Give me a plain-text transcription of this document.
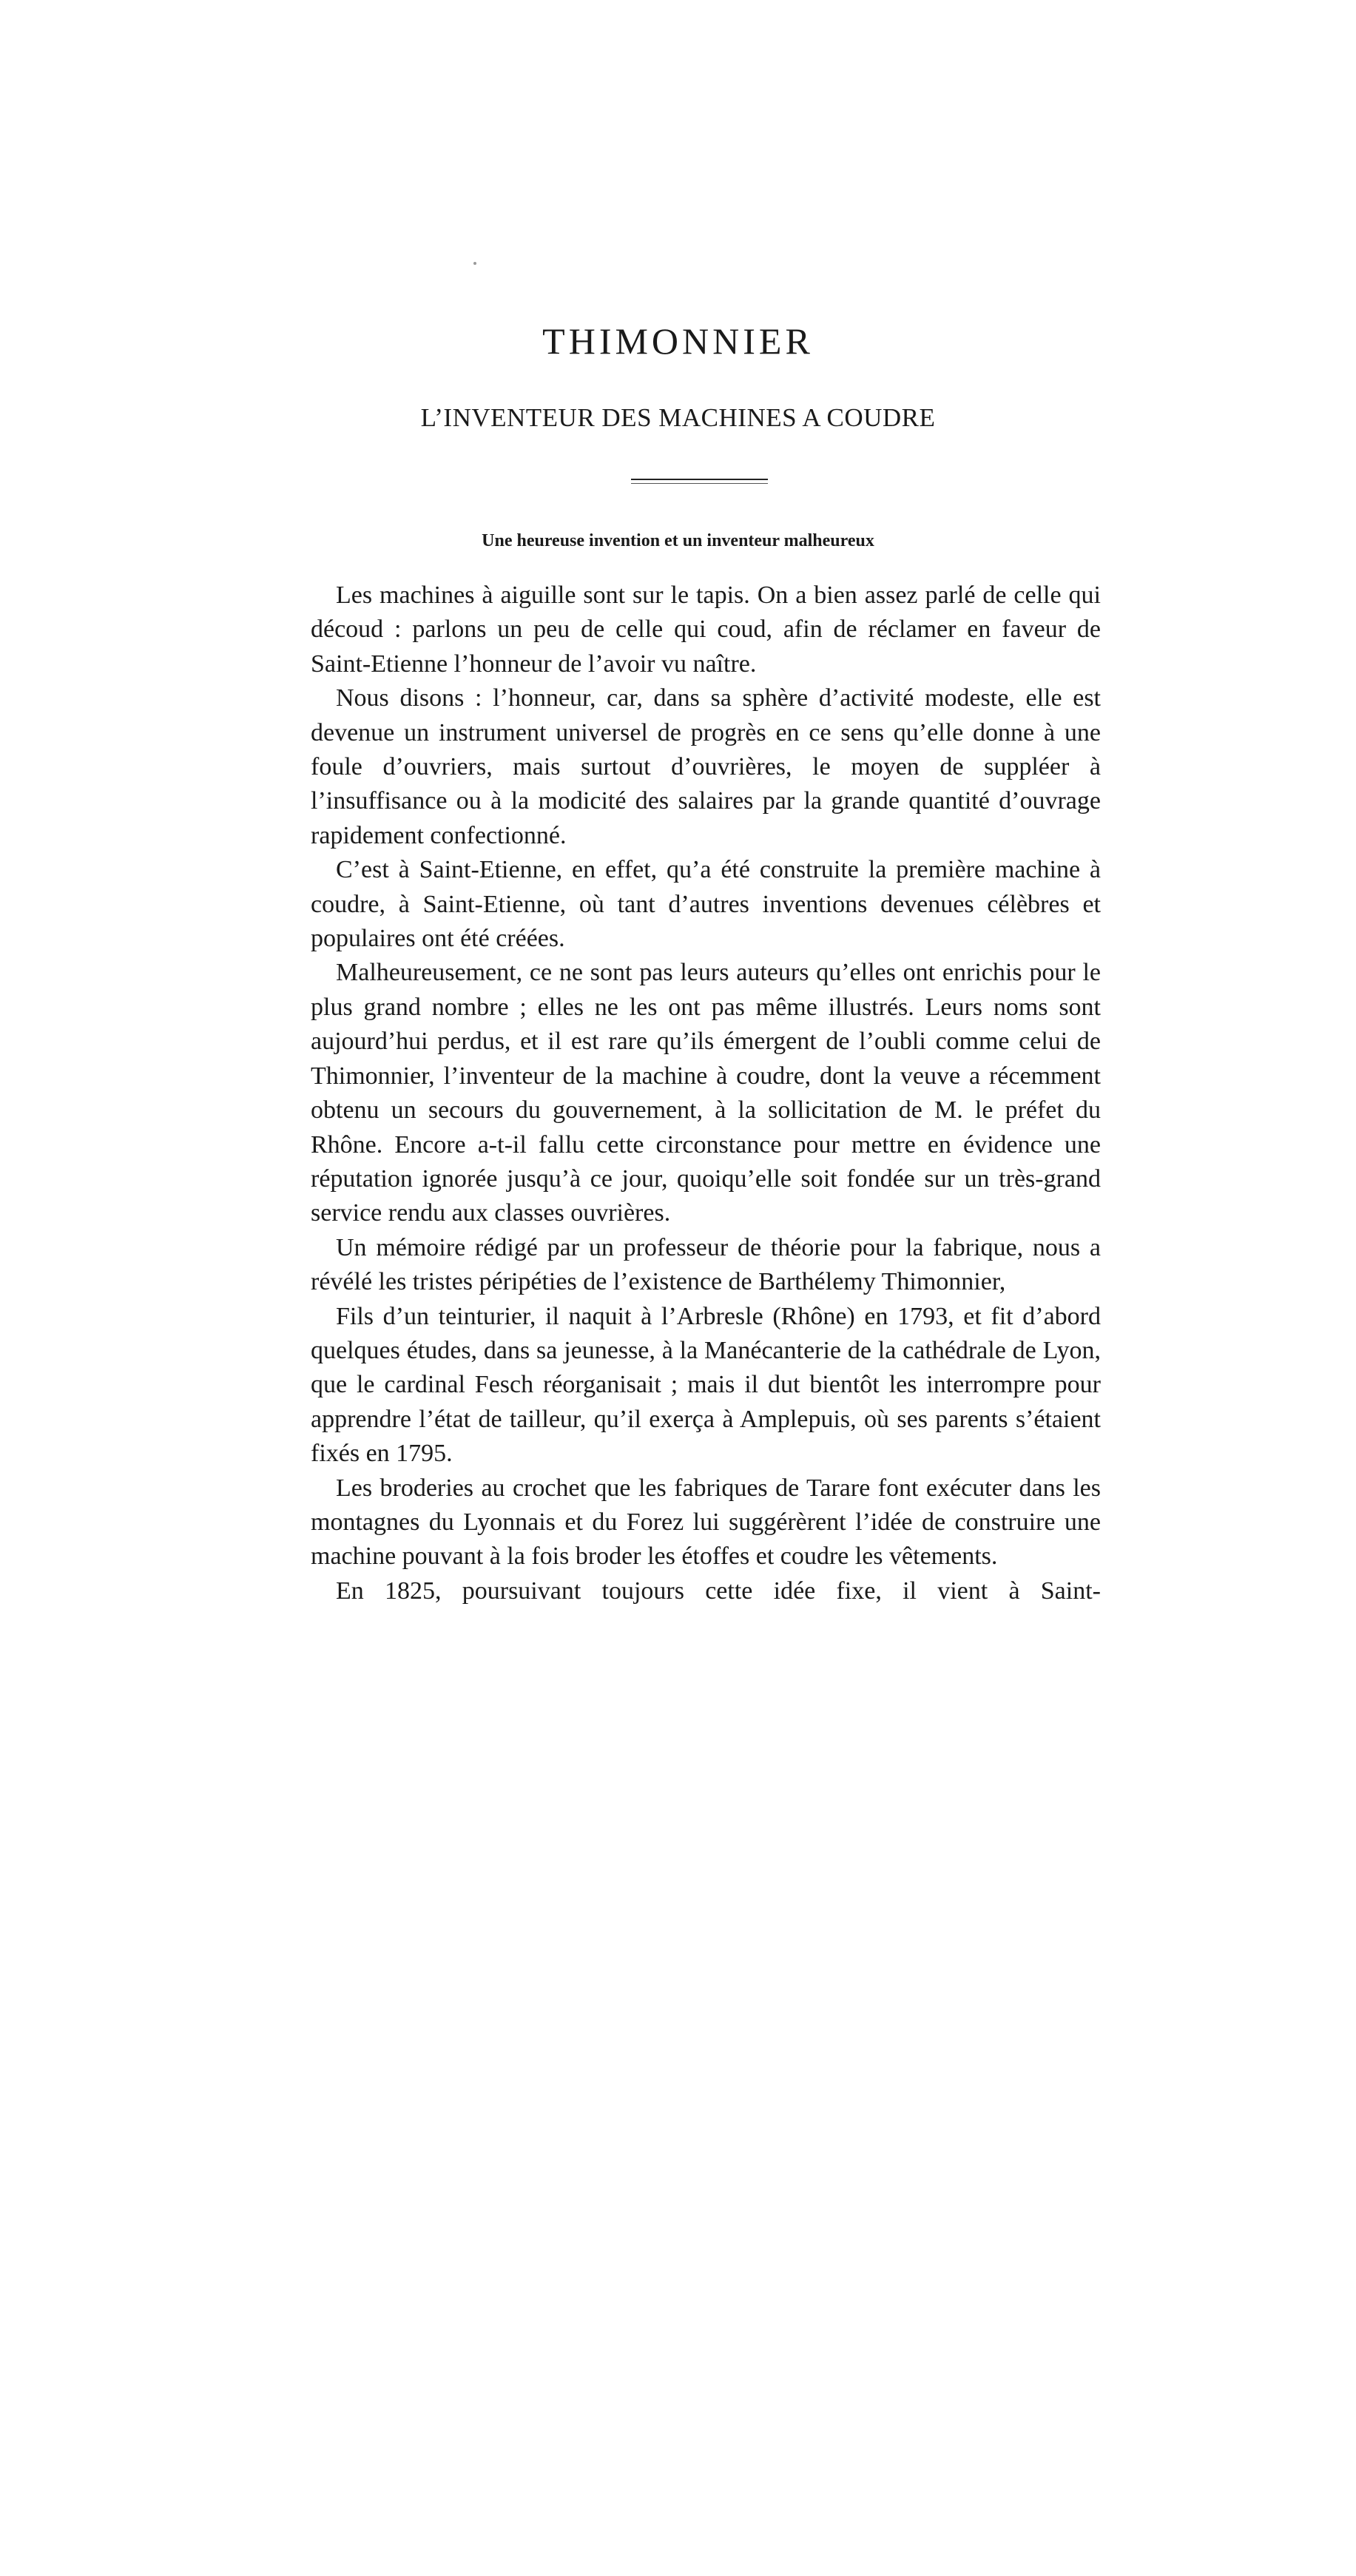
THIMONNIER
L’INVENTEUR DES MACHINES A COUDRE
Une heureuse invention et un inventeur malheureux

Les machines à aiguille sont sur le tapis. On a bien assez parlé de celle qui découd : parlons un peu de celle qui coud, afin de réclamer en faveur de Saint-Etienne l’honneur de l’avoir vu naître.

Nous disons : l’honneur, car, dans sa sphère d’activité modeste, elle est devenue un instrument universel de progrès en ce sens qu’elle donne à une foule d’ouvriers, mais surtout d’ouvrières, le moyen de suppléer à l’insuffisance ou à la modicité des salaires par la grande quantité d’ouvrage rapidement confectionné.

C’est à Saint-Etienne, en effet, qu’a été construite la première machine à coudre, à Saint-Etienne, où tant d’autres inventions devenues célèbres et populaires ont été créées.

Malheureusement, ce ne sont pas leurs auteurs qu’elles ont enrichis pour le plus grand nombre ; elles ne les ont pas même illustrés. Leurs noms sont aujourd’hui perdus, et il est rare qu’ils émergent de l’oubli comme celui de Thimonnier, l’inventeur de la machine à coudre, dont la veuve a récemment obtenu un secours du gouvernement, à la sollicitation de M. le préfet du Rhône. Encore a-t-il fallu cette circonstance pour mettre en évidence une réputation ignorée jusqu’à ce jour, quoiqu’elle soit fondée sur un très-grand service rendu aux classes ouvrières.

Un mémoire rédigé par un professeur de théorie pour la fabrique, nous a révélé les tristes péripéties de l’existence de Barthélemy Thimonnier,

Fils d’un teinturier, il naquit à l’Arbresle (Rhône) en 1793, et fit d’abord quelques études, dans sa jeunesse, à la Manécanterie de la cathédrale de Lyon, que le cardinal Fesch réorganisait ; mais il dut bientôt les interrompre pour apprendre l’état de tailleur, qu’il exerça à Amplepuis, où ses parents s’étaient fixés en 1795.

Les broderies au crochet que les fabriques de Tarare font exécuter dans les montagnes du Lyonnais et du Forez lui suggérèrent l’idée de construire une machine pouvant à la fois broder les étoffes et coudre les vêtements.

En 1825, poursuivant toujours cette idée fixe, il vient à Saint-
